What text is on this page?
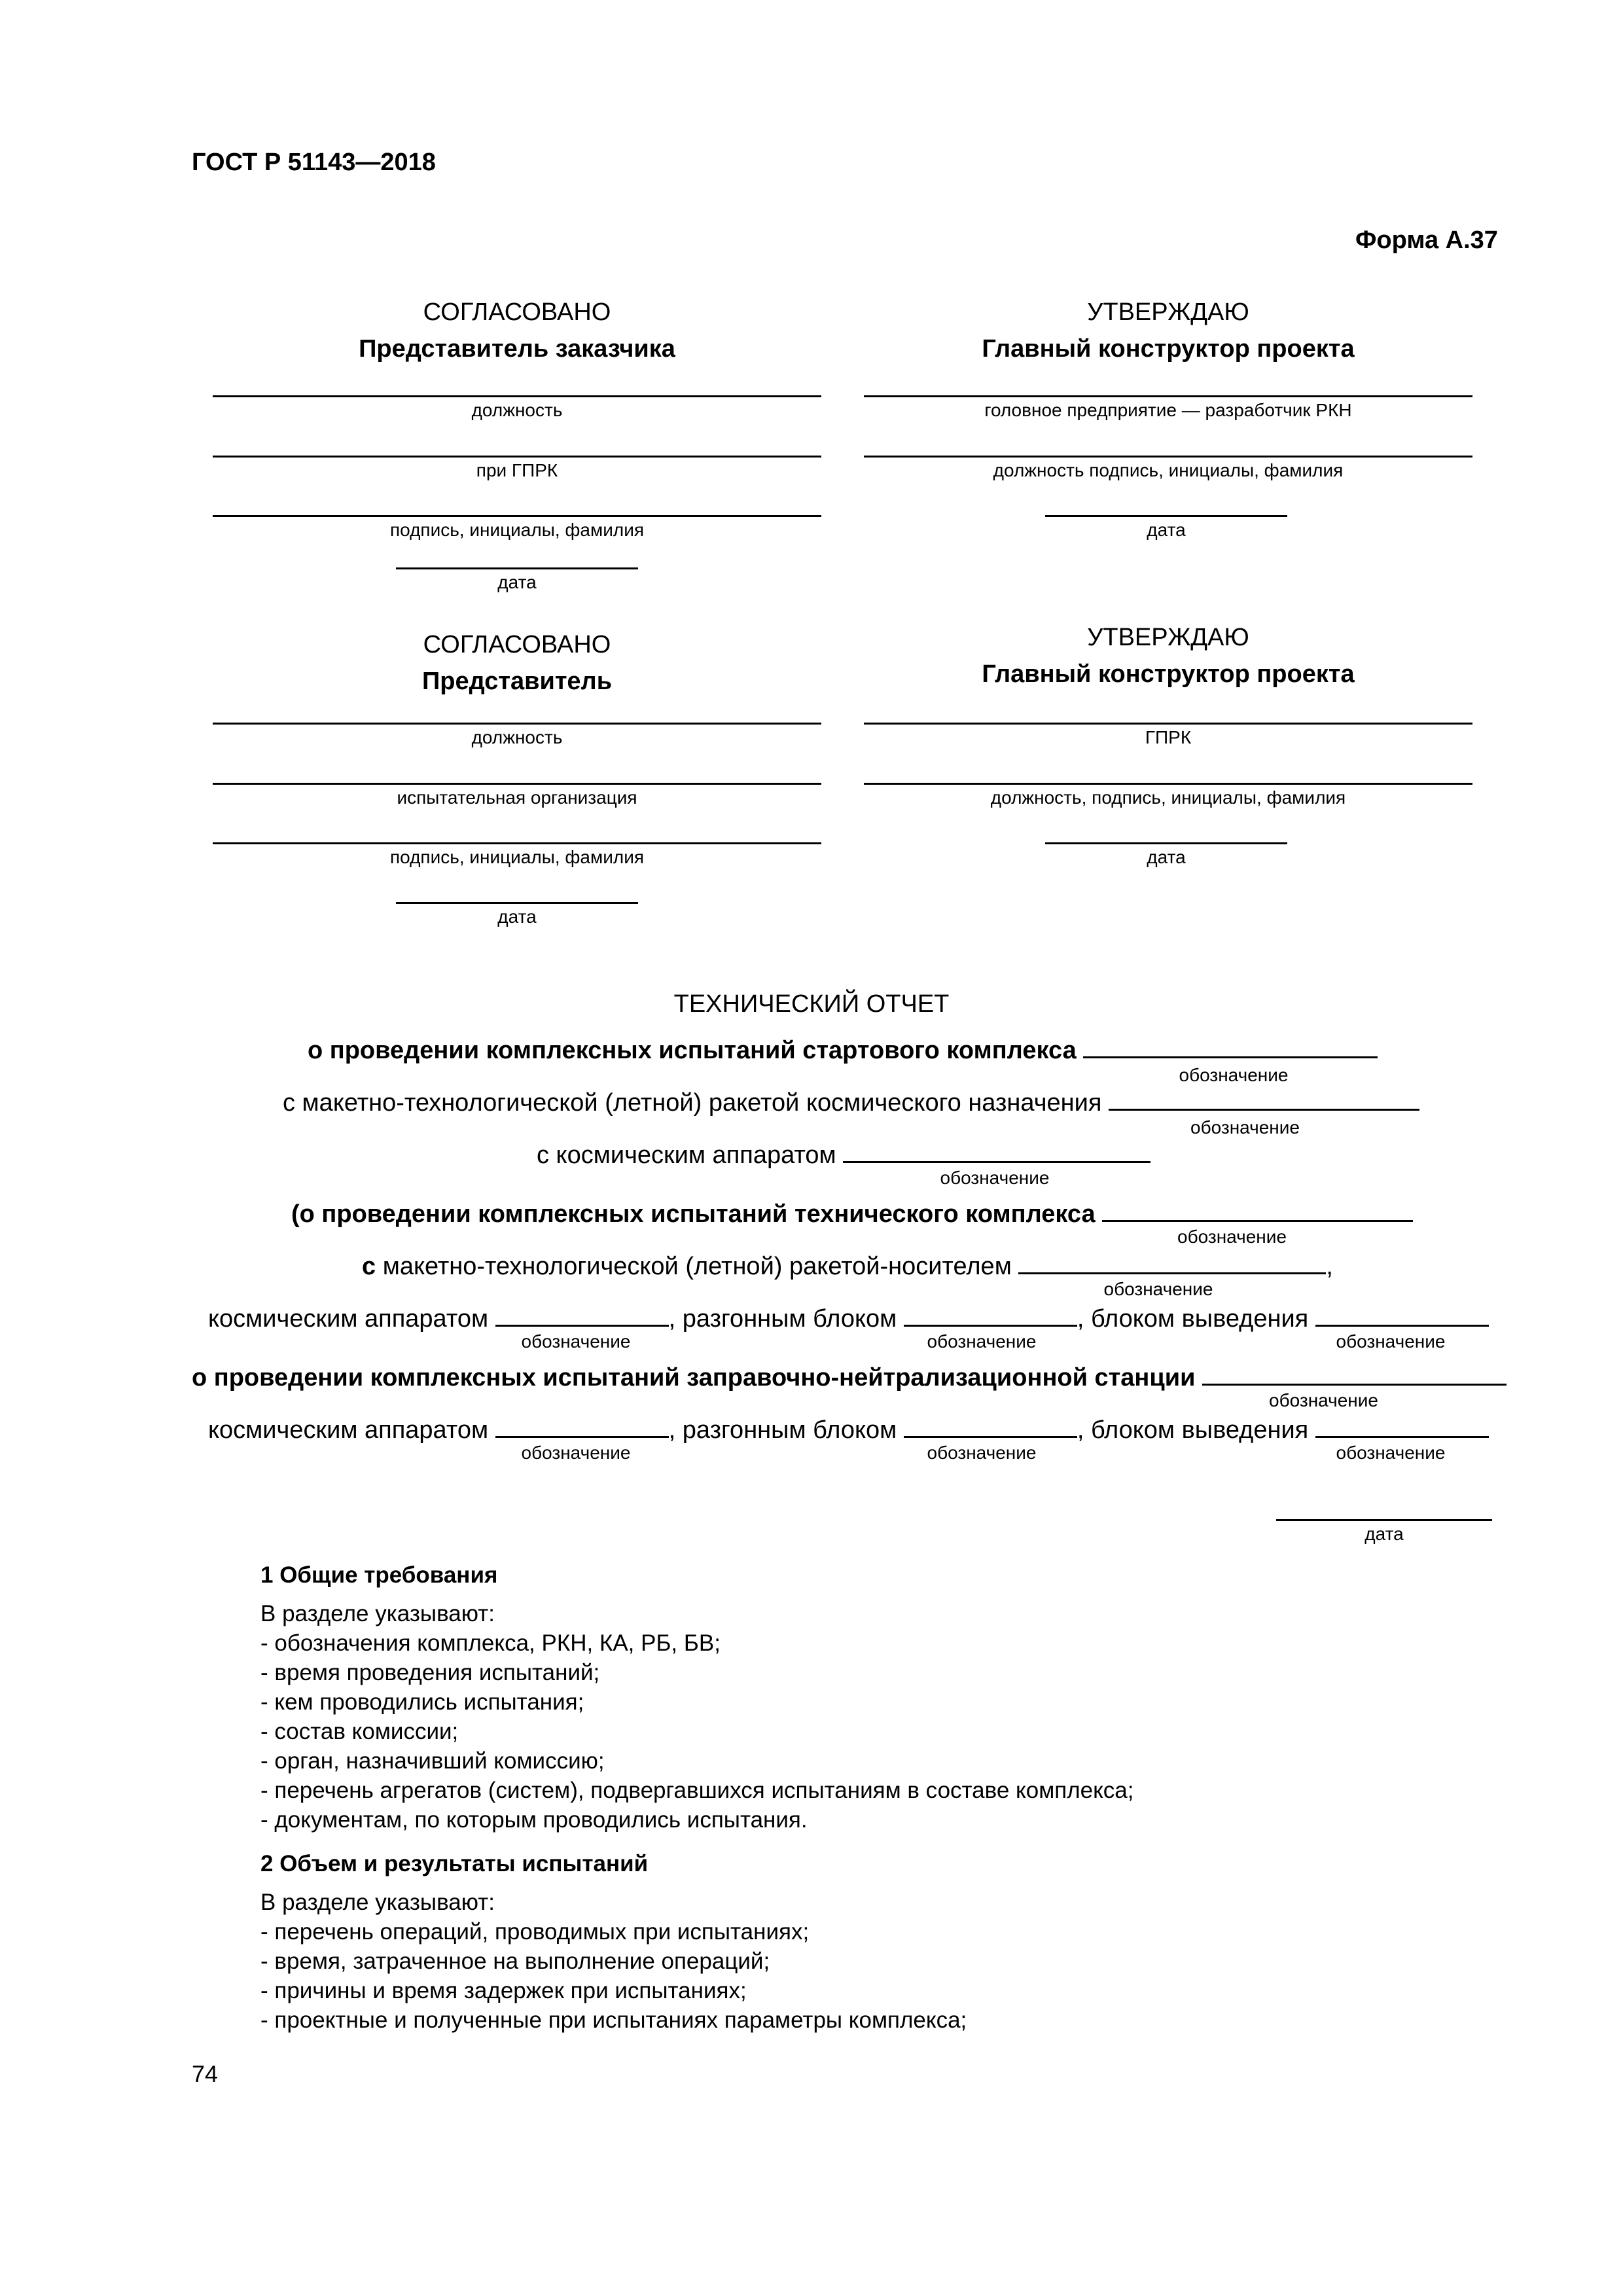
ГОСТ Р 51143—2018
Форма А.37
СОГЛАСОВАНО
Представитель заказчика
должность
при ГПРК
подпись, инициалы, фамилия
дата
УТВЕРЖДАЮ
Главный конструктор проекта
головное предприятие — разработчик РКН
должность подпись, инициалы, фамилия
дата
СОГЛАСОВАНО
Представитель
должность
испытательная организация
подпись, инициалы, фамилия
дата
УТВЕРЖДАЮ
Главный конструктор проекта
ГПРК
должность, подпись, инициалы, фамилия
дата
ТЕХНИЧЕСКИЙ ОТЧЕТ
о проведении комплексных испытаний стартового комплекса
обозначение
с макетно-технологической (летной) ракетой космического назначения
обозначение
с космическим аппаратом
обозначение
(о проведении комплексных испытаний технического комплекса
обозначение
с макетно-технологической (летной) ракетой-носителем	,
обозначение
космическим аппаратом	, разгонным блоком	, блоком выведения
обозначение	обозначение	обозначение
о проведении комплексных испытаний заправочно-нейтрализационной станции
обозначение
космическим аппаратом	, разгонным блоком	, блоком выведения
обозначение	обозначение	обозначение
дата
1 Общие требования
В разделе указывают:
- обозначения комплекса, РКН, КА, РБ, БВ;
- время проведения испытаний;
- кем проводились испытания;
- состав комиссии;
- орган, назначивший комиссию;
- перечень агрегатов (систем), подвергавшихся испытаниям в составе комплекса;
- документам, по которым проводились испытания.
2 Объем и результаты испытаний
В разделе указывают:
- перечень операций, проводимых при испытаниях;
- время, затраченное на выполнение операций;
- причины и время задержек при испытаниях;
- проектные и полученные при испытаниях параметры комплекса;
74
